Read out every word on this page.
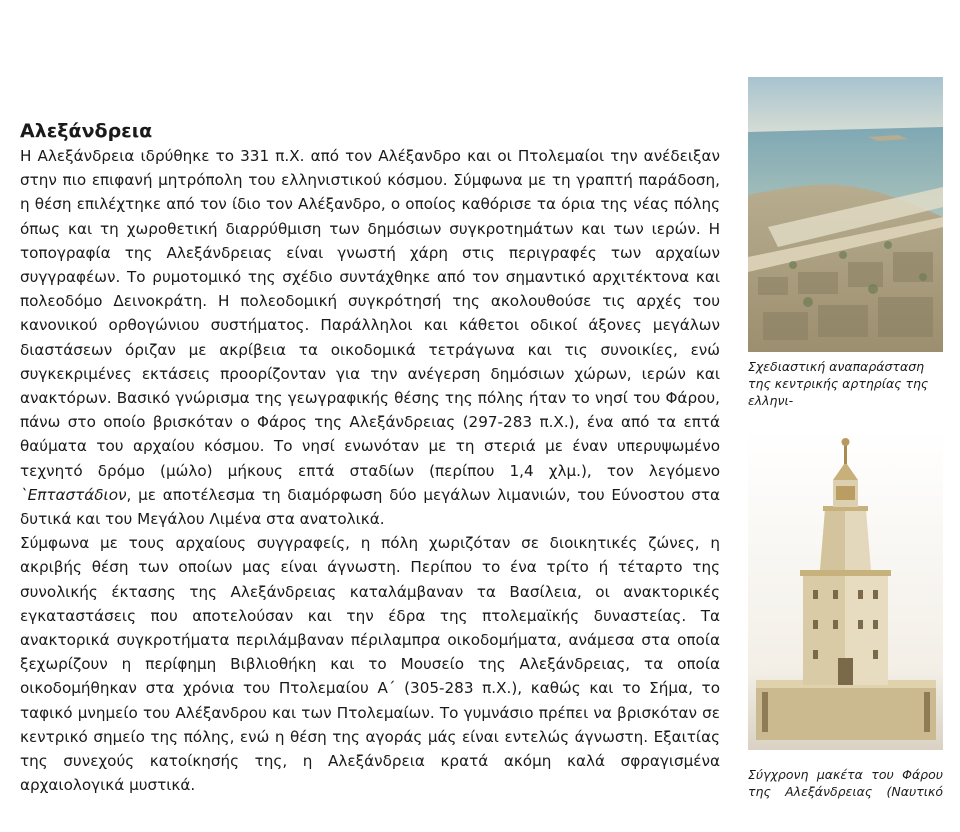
Αλεξάνδρεια

Η Αλεξάνδρεια ιδρύθηκε το 331 π.Χ. από τον Αλέξανδρο και οι Πτολεμαίοι την ανέδειξαν στην πιο επιφανή μητρόπολη του ελληνιστικού κόσμου. Σύμφωνα με τη γραπτή παράδοση, η θέση επιλέχτηκε από τον ίδιο τον Αλέξανδρο, ο οποίος καθόρισε τα όρια της νέας πόλης όπως και τη χωροθετική διαρρύθμιση των δημόσιων συγκροτημάτων και των ιερών. Η τοπογραφία της Αλεξάνδρειας είναι γνωστή χάρη στις περιγραφές των αρχαίων συγγραφέων. Το ρυμοτομικό της σχέδιο συντάχθηκε από τον σημαντικό αρχιτέκτονα και πολεοδόμο Δεινοκράτη. Η πολεοδομική συγκρότησή της ακολουθούσε τις αρχές του κανονικού ορθογώνιου συστήματος. Παράλληλοι και κάθετοι οδικοί άξονες μεγάλων διαστάσεων όριζαν με ακρίβεια τα οικοδομικά τετράγωνα και τις συνοικίες, ενώ συγκεκριμένες εκτάσεις προορίζονταν για την ανέγερση δημόσιων χώρων, ιερών και ανακτόρων. Βασικό γνώρισμα της γεωγραφικής θέσης της πόλης ήταν το νησί του Φάρου, πάνω στο οποίο βρισκόταν ο Φάρος της Αλεξάνδρειας (297-283 π.Χ.), ένα από τα επτά θαύματα του αρχαίου κόσμου. Το νησί ενωνόταν με τη στεριά με έναν υπερυψωμένο τεχνητό δρόμο (μώλο) μήκους επτά σταδίων (περίπου 1,4 χλμ.), τον λεγόμενο `Επταστάδιον, με αποτέλεσμα τη διαμόρφωση δύο μεγάλων λιμανιών, του Εύνοστου στα δυτικά και του Μεγάλου Λιμένα στα ανατολικά.

Σύμφωνα με τους αρχαίους συγγραφείς, η πόλη χωριζόταν σε διοικητικές ζώνες, η ακριβής θέση των οποίων μας είναι άγνωστη. Περίπου το ένα τρίτο ή τέταρτο της συνολικής έκτασης της Αλεξάνδρειας καταλάμβαναν τα Βασίλεια, οι ανακτορικές εγκαταστάσεις που αποτελούσαν και την έδρα της πτολεμαϊκής δυναστείας. Τα ανακτορικά συγκροτήματα περιλάμβαναν πέριλαμπρα οικοδομήματα, ανάμεσα στα οποία ξεχωρίζουν η περίφημη Βιβλιοθήκη και το Μουσείο της Αλεξάνδρειας, τα οποία οικοδομήθηκαν στα χρόνια του Πτολεμαίου Α΄ (305-283 π.Χ.), καθώς και το Σήμα, το ταφικό μνημείο του Αλέξανδρου και των Πτολεμαίων. Το γυμνάσιο πρέπει να βρισκόταν σε κεντρικό σημείο της πόλης, ενώ η θέση της αγοράς μάς είναι εντελώς άγνωστη. Εξαιτίας της συνεχούς κατοίκησής της, η Αλεξάνδρεια κρατά ακόμη καλά σφραγισμένα αρχαιολογικά μυστικά.

Σχεδιαστική αναπαράσταση της κεντρικής αρτηρίας της ελληνι-
Σύγχρονη μακέτα του Φάρου της Αλεξάνδρειας (Ναυτικό
